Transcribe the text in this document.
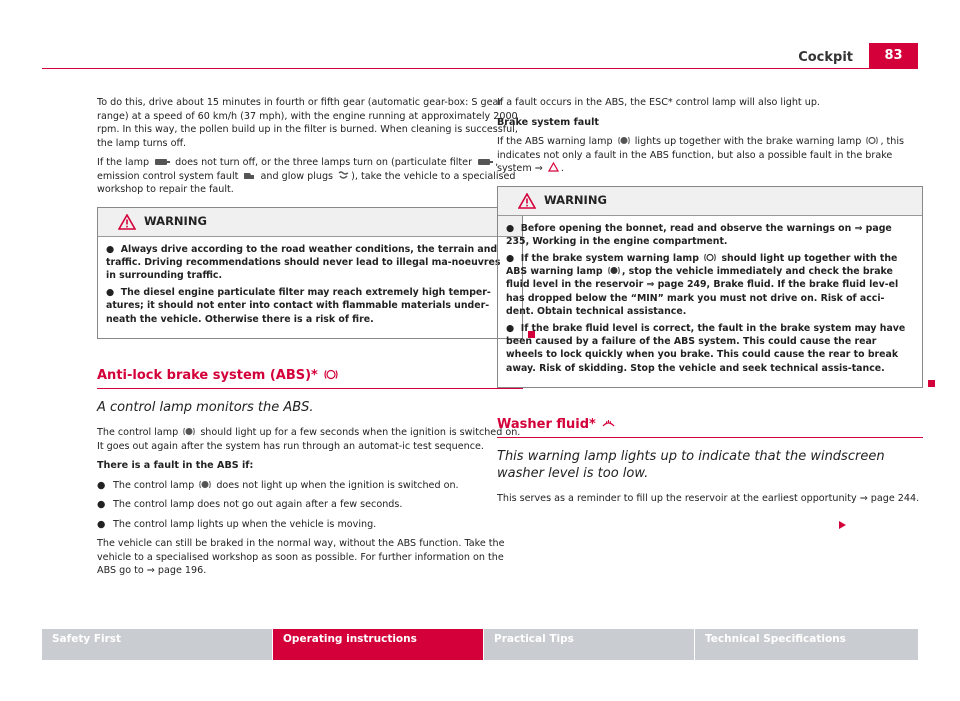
Cockpit	83

To do this, drive about 15 minutes in fourth or fifth gear (automatic gear-box: S gear range) at a speed of 60 km/h (37 mph), with the engine running at approximately 2000 rpm. In this way, the pollen build up in the filter is burned. When cleaning is successful, the lamp turns off.

If the lamp	does not turn off, or the three lamps turn on (particulate filter , emission control system fault and glow plugs ), take the vehicle to a specialised workshop to repair the fault.

WARNING

●  Always drive according to the road weather conditions, the terrain and traffic. Driving recommendations should never lead to illegal ma-noeuvres in surrounding traffic.

●  The diesel engine particulate filter may reach extremely high temper-atures; it should not enter into contact with flammable materials under-neath the vehicle. Otherwise there is a risk of fire.

Anti-lock brake system (ABS)*
A control lamp monitors the ABS.

The control lamp should light up for a few seconds when the ignition is switched on. It goes out again after the system has run through an automat-ic test sequence.

There is a fault in the ABS if:

● The control lamp does not light up when the ignition is switched on.
● The control lamp does not go out again after a few seconds.
● The control lamp lights up when the vehicle is moving.

The vehicle can still be braked in the normal way, without the ABS function. Take the vehicle to a specialised workshop as soon as possible. For further information on the ABS go to ⇒ page 196.

If a fault occurs in the ABS, the ESC* control lamp will also light up.

Brake system fault

If the ABS warning lamp lights up together with the brake warning lamp , this indicates not only a fault in the ABS function, but also a possible fault in the brake system ⇒ .

WARNING

●  Before opening the bonnet, read and observe the warnings on ⇒ page 235, Working in the engine compartment.

●  If the brake system warning lamp should light up together with the ABS warning lamp , stop the vehicle immediately and check the brake fluid level in the reservoir ⇒ page 249, Brake fluid. If the brake fluid lev-el has dropped below the “MIN” mark you must not drive on. Risk of acci-dent. Obtain technical assistance.

●  If the brake fluid level is correct, the fault in the brake system may have been caused by a failure of the ABS system. This could cause the rear wheels to lock quickly when you brake. This could cause the rear to break away. Risk of skidding. Stop the vehicle and seek technical assis-tance.

Washer fluid*
This warning lamp lights up to indicate that the windscreen washer level is too low.

This serves as a reminder to fill up the reservoir at the earliest opportunity ⇒ page 244.

Safety First	Operating instructions	Practical Tips	Technical Specifications
